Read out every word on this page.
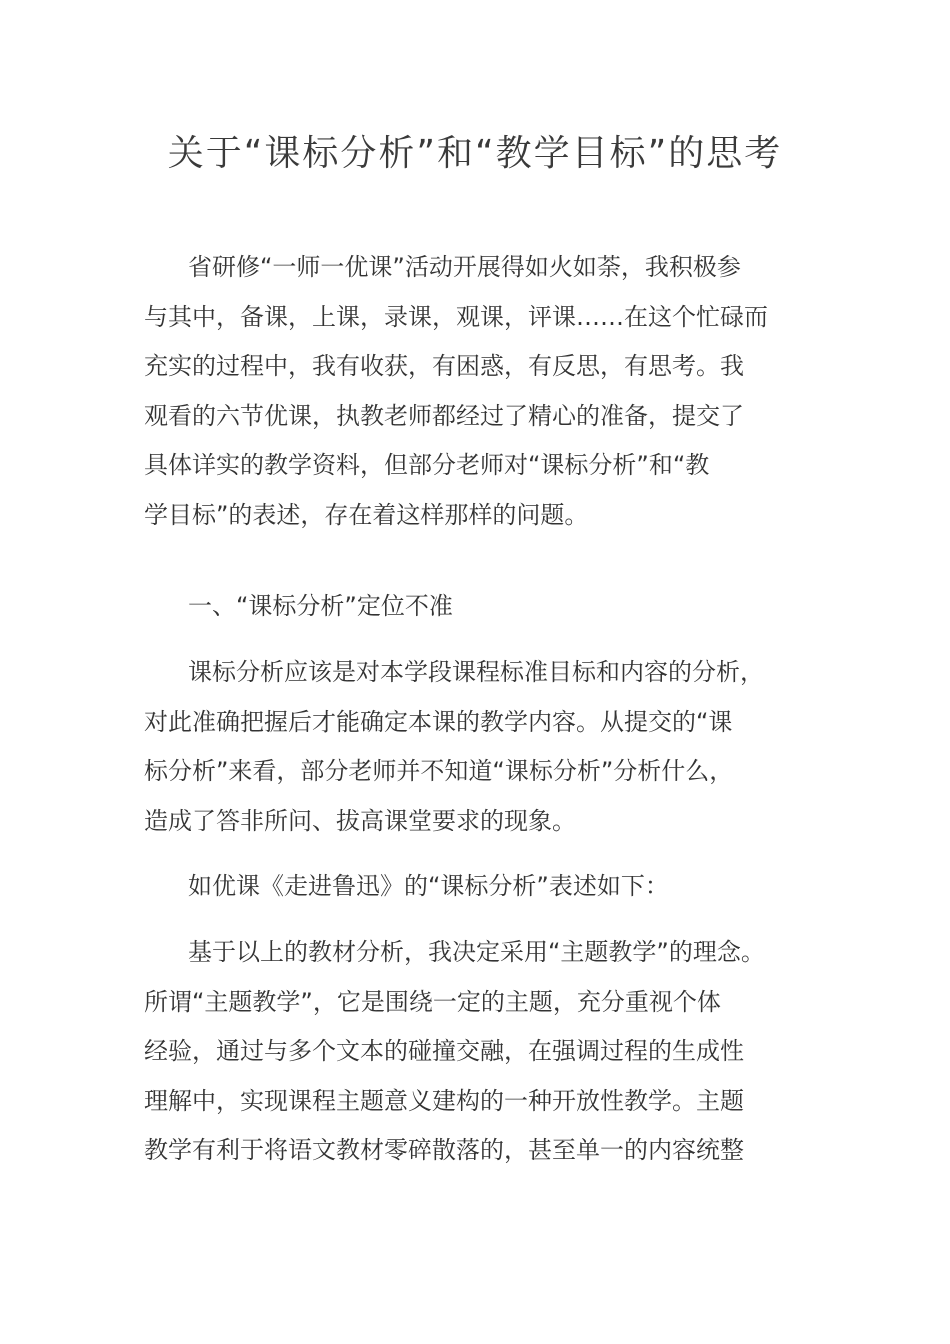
关于“课标分析”和“教学目标”的思考
省研修“一师一优课”活动开展得如火如荼，我积极参
与其中，备课，上课，录课，观课，评课……在这个忙碌而
充实的过程中，我有收获，有困惑，有反思，有思考。我
观看的六节优课，执教老师都经过了精心的准备，提交了
具体详实的教学资料，但部分老师对“课标分析”和“教
学目标”的表述，存在着这样那样的问题。
一、“课标分析”定位不准
课标分析应该是对本学段课程标准目标和内容的分析，
对此准确把握后才能确定本课的教学内容。从提交的“课
标分析”来看，部分老师并不知道“课标分析”分析什么，
造成了答非所问、拔高课堂要求的现象。
如优课《走进鲁迅》的“课标分析”表述如下：
基于以上的教材分析，我决定采用“主题教学”的理念。
所谓“主题教学”，它是围绕一定的主题，充分重视个体
经验，通过与多个文本的碰撞交融，在强调过程的生成性
理解中，实现课程主题意义建构的一种开放性教学。主题
教学有利于将语文教材零碎散落的，甚至单一的内容统整
